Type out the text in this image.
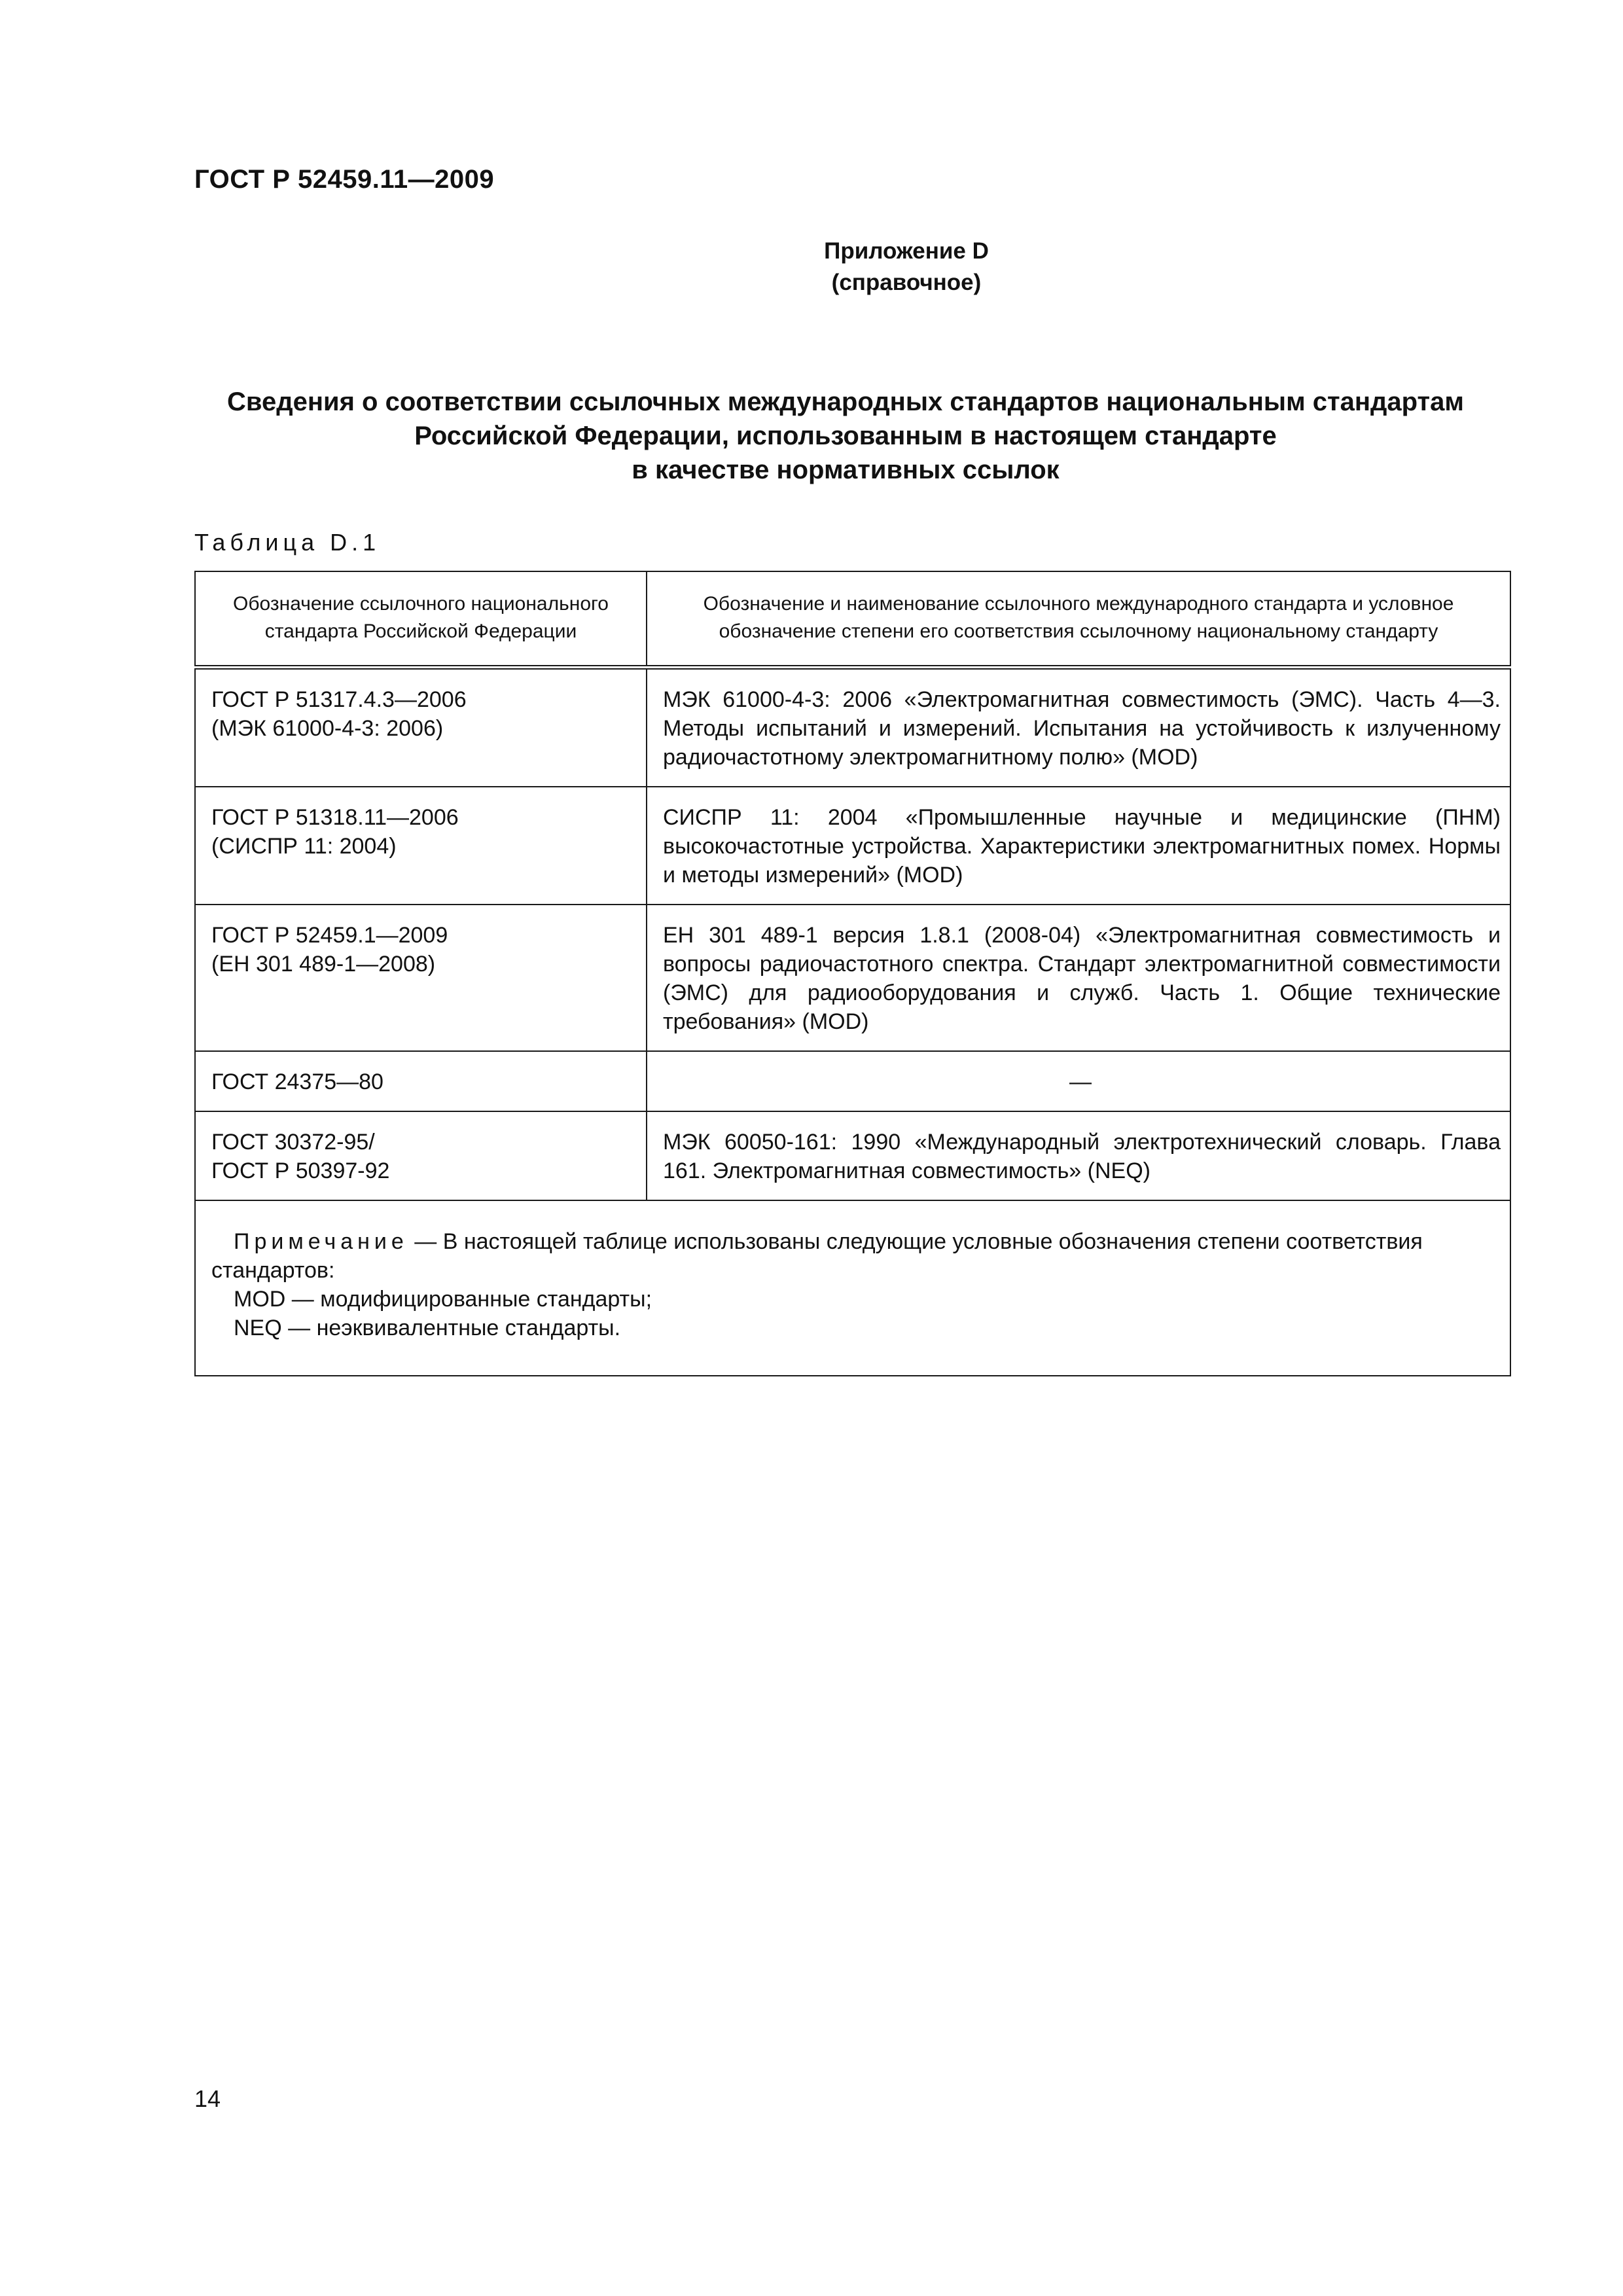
ГОСТ Р 52459.11—2009
Приложение D
(справочное)
Сведения о соответствии ссылочных международных стандартов национальным стандартам
Российской Федерации, использованным в настоящем стандарте
в качестве нормативных ссылок
Таблица D.1
Обозначение ссылочного национального стандарта Российской Федерации	Обозначение и наименование ссылочного международного стандарта и условное обозначение степени его соответствия ссылочному национальному стандарту

ГОСТ Р 51317.4.3—2006
(МЭК 61000-4-3: 2006)	МЭК 61000-4-3: 2006 «Электромагнитная совместимость (ЭМС). Часть 4—3. Методы испытаний и измерений. Испытания на устойчивость к излученному радиочастотному электромагнитному полю» (MOD)

ГОСТ Р 51318.11—2006
(СИСПР 11: 2004)	СИСПР 11: 2004 «Промышленные научные и медицинские (ПНМ) высокочастотные устройства. Характеристики электромагнитных помех. Нормы и методы измерений» (MOD)

ГОСТ Р 52459.1—2009
(ЕН 301 489-1—2008)	ЕН 301 489-1 версия 1.8.1 (2008-04) «Электромагнитная совместимость и вопросы радиочастотного спектра. Стандарт электромагнитной совместимости (ЭМС) для радиооборудования и служб. Часть 1. Общие технические требования» (MOD)

ГОСТ 24375—80	—

ГОСТ 30372-95/
ГОСТ Р 50397-92	МЭК 60050-161: 1990 «Международный электротехнический словарь. Глава 161. Электромагнитная совместимость» (NEQ)
Примечание — В настоящей таблице использованы следующие условные обозначения степени соответствия стандартов:
MOD — модифицированные стандарты;
NEQ — неэквивалентные стандарты.	
14
